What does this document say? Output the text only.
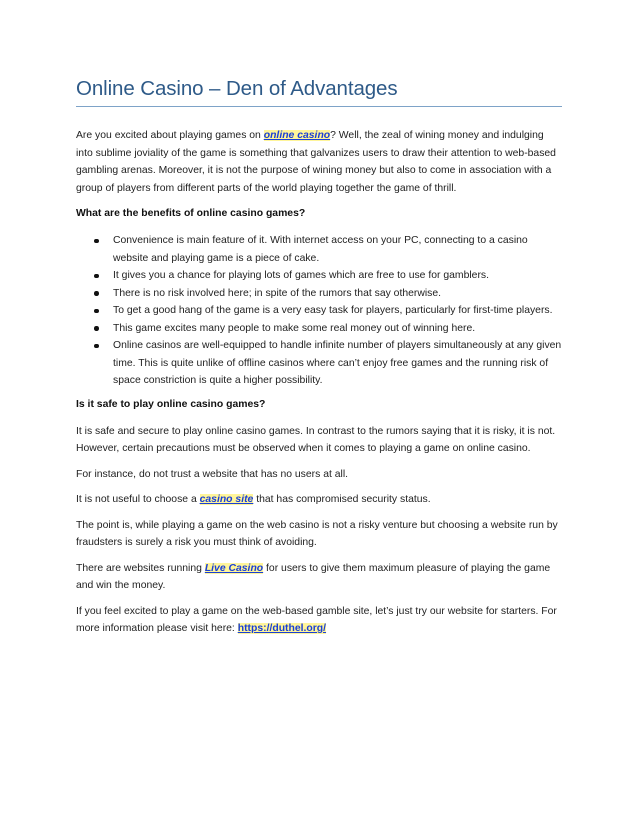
Online Casino – Den of Advantages

Are you excited about playing games on online casino? Well, the zeal of wining money and indulging into sublime joviality of the game is something that galvanizes users to draw their attention to web-based gambling arenas. Moreover, it is not the purpose of wining money but also to come in association with a group of players from different parts of the world playing together the game of thrill.

What are the benefits of online casino games?
Convenience is main feature of it. With internet access on your PC, connecting to a casino website and playing game is a piece of cake.
It gives you a chance for playing lots of games which are free to use for gamblers.
There is no risk involved here; in spite of the rumors that say otherwise.
To get a good hang of the game is a very easy task for players, particularly for first-time players.
This game excites many people to make some real money out of winning here.
Online casinos are well-equipped to handle infinite number of players simultaneously at any given time. This is quite unlike of offline casinos where can’t enjoy free games and the running risk of space constriction is quite a higher possibility.
Is it safe to play online casino games?

It is safe and secure to play online casino games. In contrast to the rumors saying that it is risky, it is not. However, certain precautions must be observed when it comes to playing a game on online casino.

For instance, do not trust a website that has no users at all.

It is not useful to choose a casino site that has compromised security status.

The point is, while playing a game on the web casino is not a risky venture but choosing a website run by fraudsters is surely a risk you must think of avoiding.

There are websites running Live Casino for users to give them maximum pleasure of playing the game and win the money.

If you feel excited to play a game on the web-based gamble site, let’s just try our website for starters. For more information please visit here: https://duthel.org/
